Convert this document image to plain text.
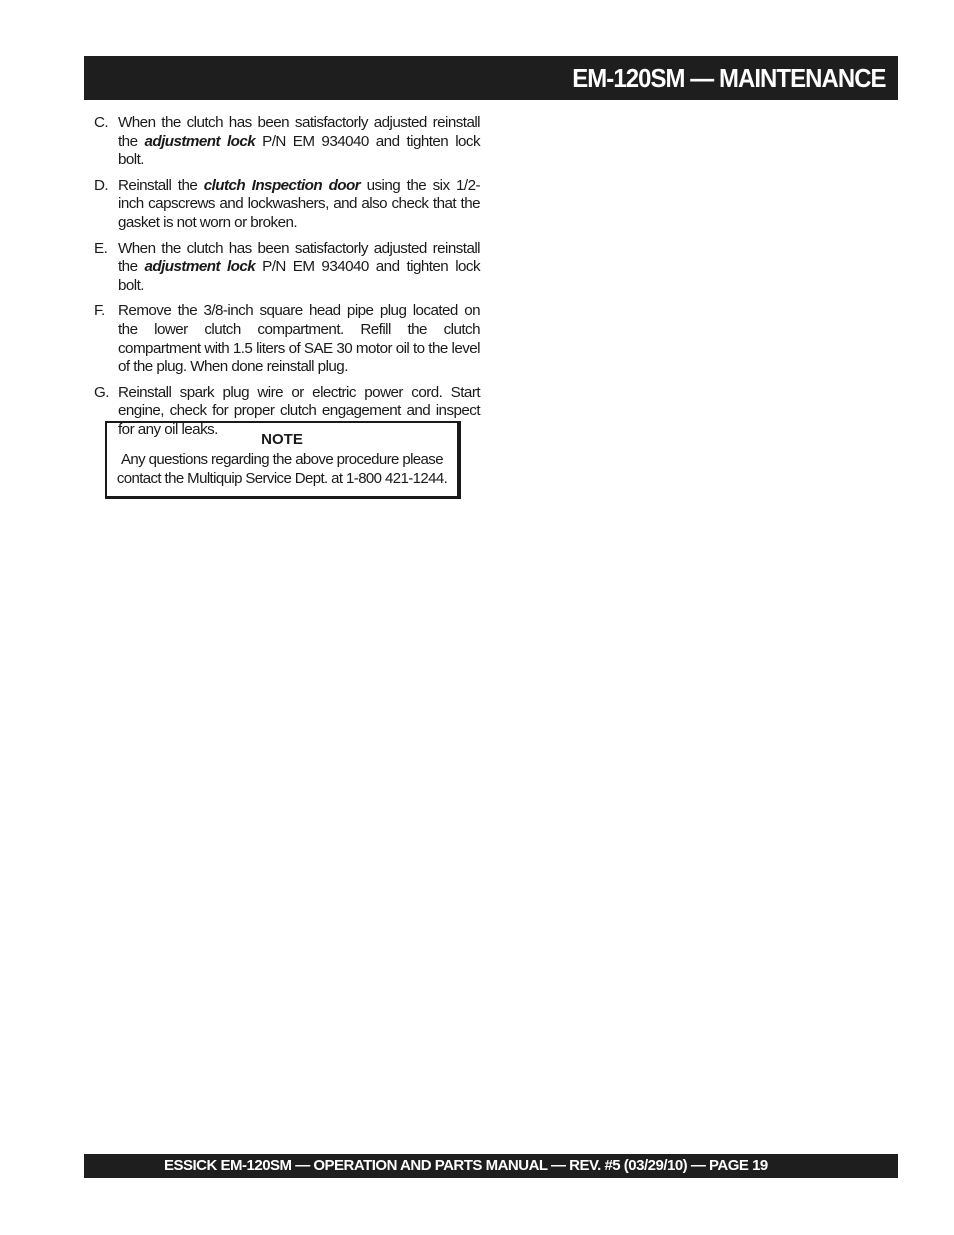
EM-120SM — MAINTENANCE
C. When the clutch has been satisfactorly adjusted reinstall the adjustment lock P/N EM 934040 and tighten lock bolt.
D. Reinstall the clutch Inspection door using the six 1/2-inch capscrews and lockwashers, and also check that the gasket is not worn or broken.
E. When the clutch has been satisfactorly adjusted reinstall the adjustment lock P/N EM 934040 and tighten lock bolt.
F. Remove the 3/8-inch square head pipe plug located on the lower clutch compartment. Refill the clutch compartment with 1.5 liters of SAE 30 motor oil to the level of the plug. When done reinstall plug.
G. Reinstall spark plug wire or electric power cord. Start engine, check for proper clutch engagement and inspect for any oil leaks.
NOTE
Any questions regarding the above procedure please
contact the Multiquip Service Dept. at 1-800 421-1244.
ESSICK EM-120SM — OPERATION AND PARTS MANUAL — REV. #5 (03/29/10) — PAGE 19
